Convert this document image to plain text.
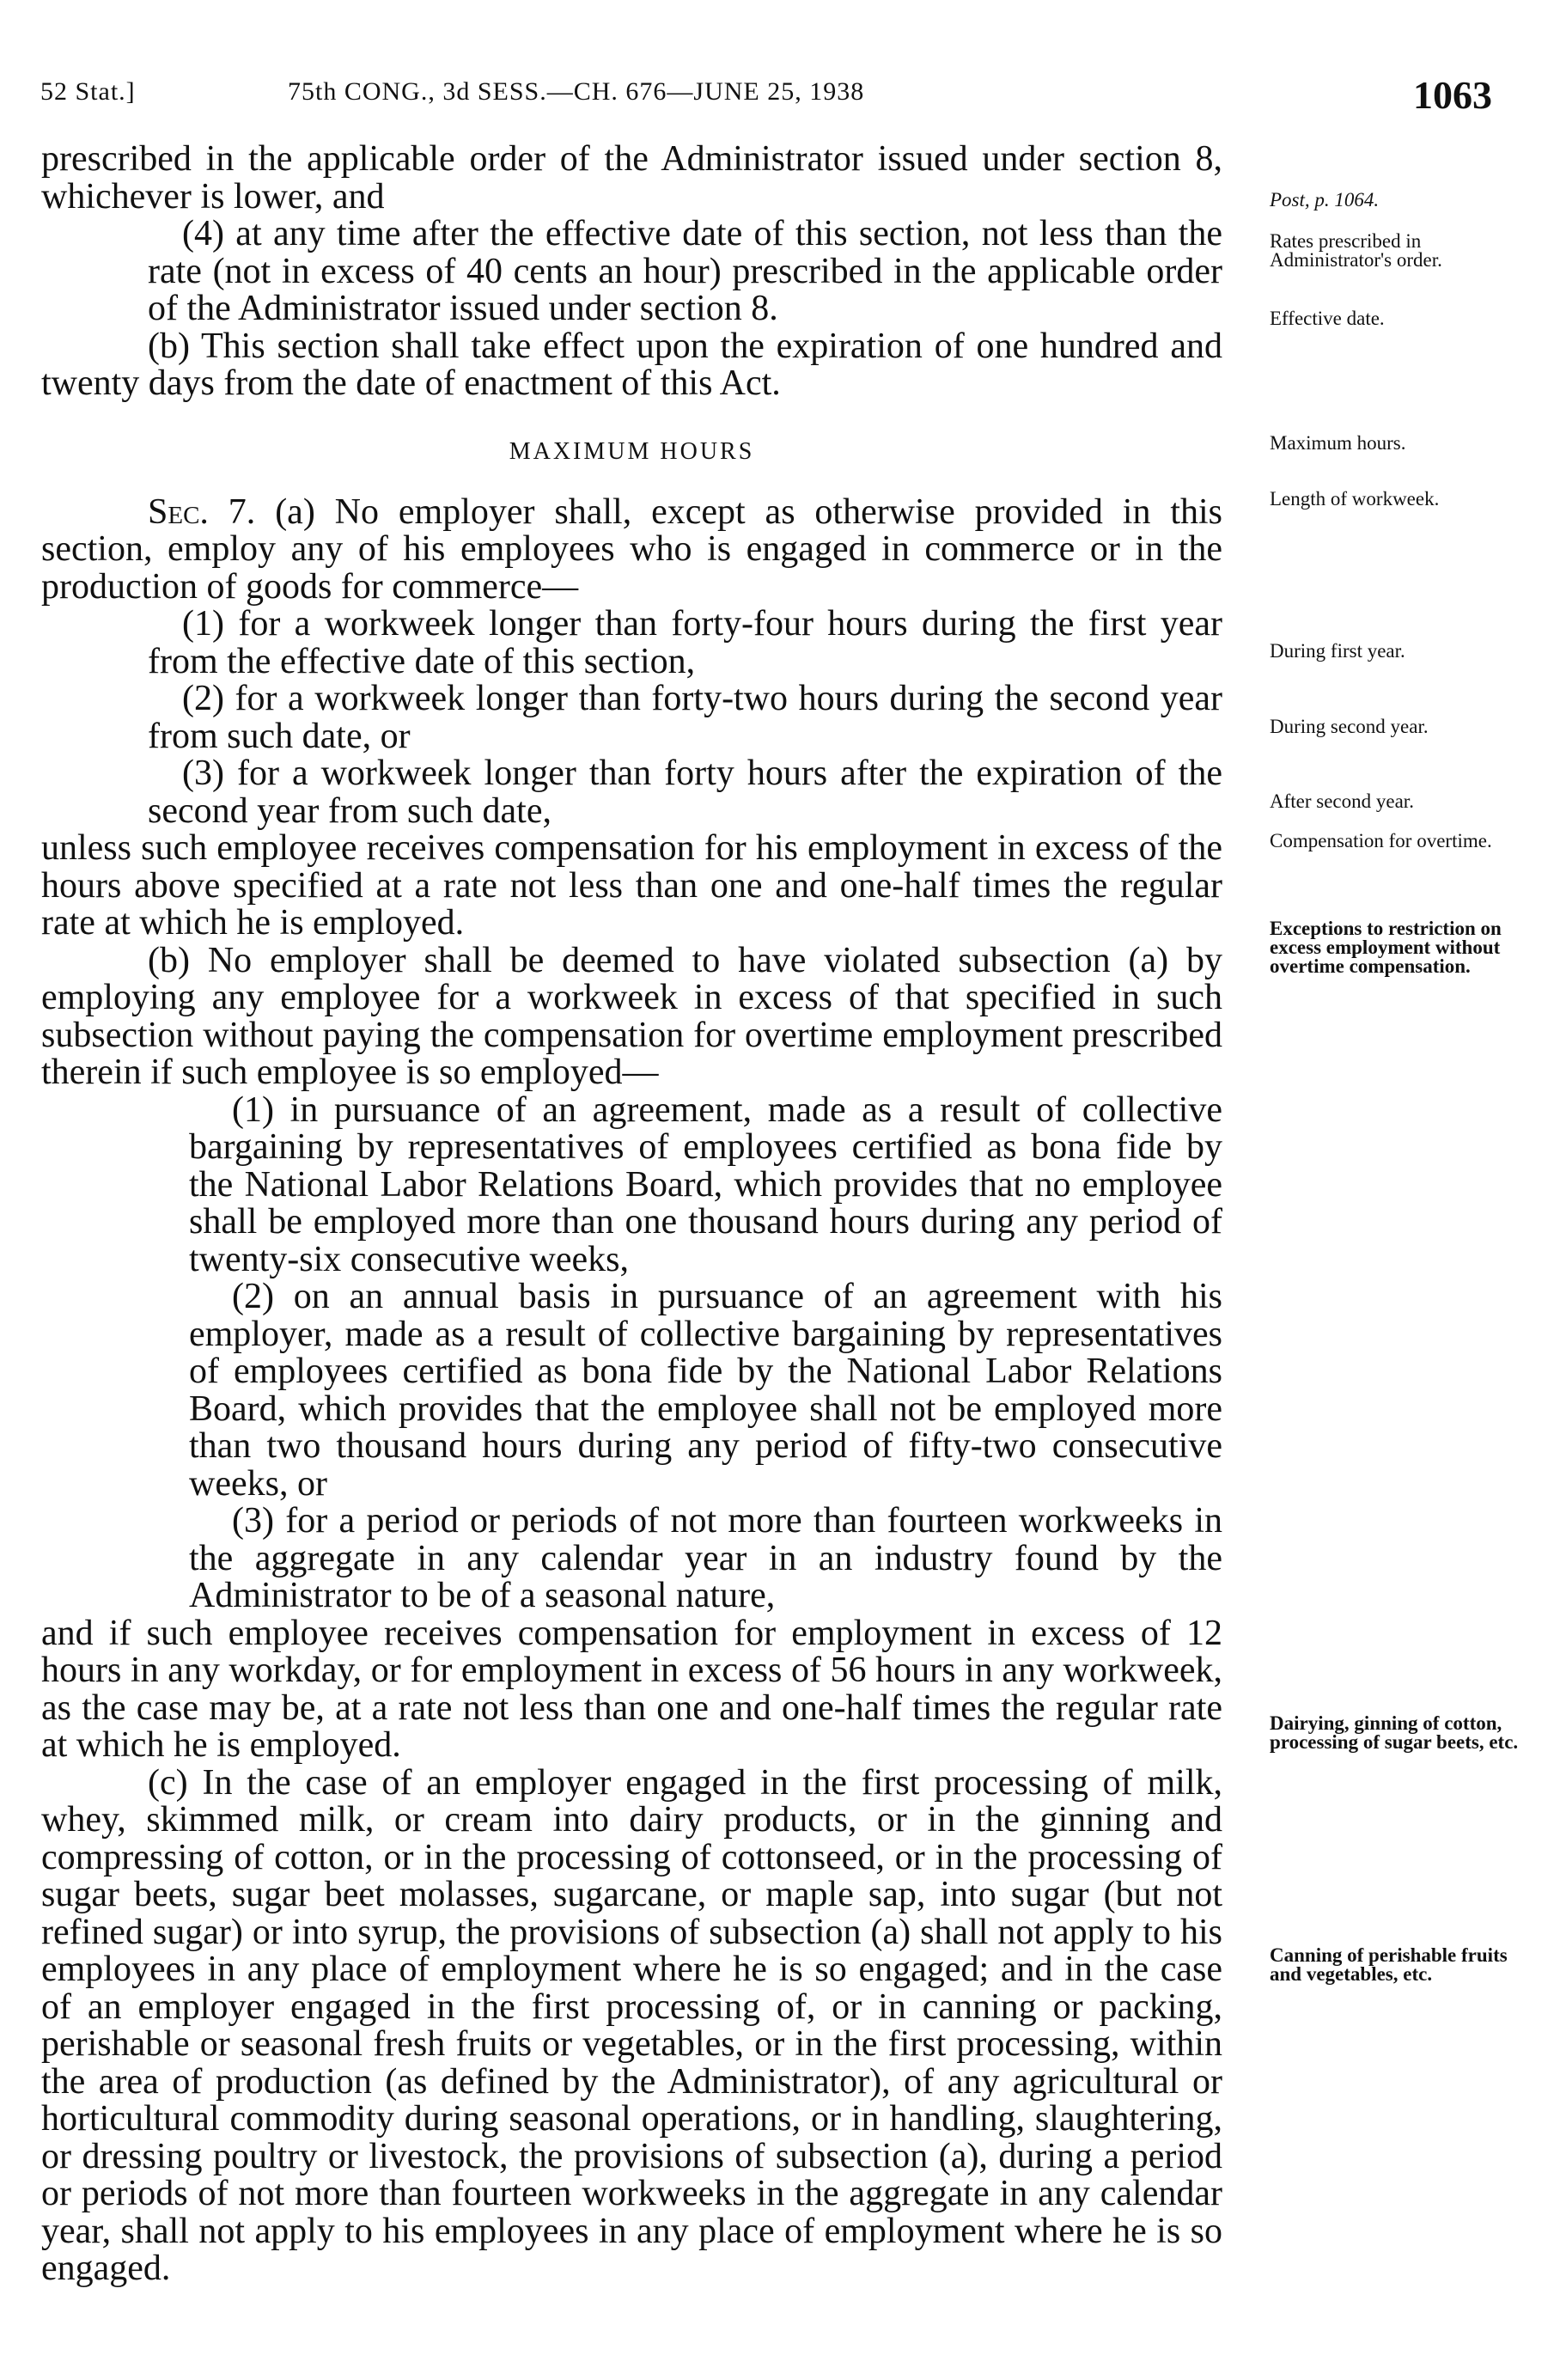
52 Stat.]	75th CONG., 3d SESS.—CH. 676—JUNE 25, 1938	1063

prescribed in the applicable order of the Administrator issued under section 8, whichever is lower, and

(4) at any time after the effective date of this section, not less than the rate (not in excess of 40 cents an hour) prescribed in the applicable order of the Administrator issued under section 8.

(b) This section shall take effect upon the expiration of one hundred and twenty days from the date of enactment of this Act.

MAXIMUM HOURS

Sec. 7. (a) No employer shall, except as otherwise provided in this section, employ any of his employees who is engaged in commerce or in the production of goods for commerce—

(1) for a workweek longer than forty-four hours during the first year from the effective date of this section,

(2) for a workweek longer than forty-two hours during the second year from such date, or

(3) for a workweek longer than forty hours after the expiration of the second year from such date,

unless such employee receives compensation for his employment in excess of the hours above specified at a rate not less than one and one-half times the regular rate at which he is employed.

(b) No employer shall be deemed to have violated subsection (a) by employing any employee for a workweek in excess of that specified in such subsection without paying the compensation for overtime employment prescribed therein if such employee is so employed—

(1) in pursuance of an agreement, made as a result of collective bargaining by representatives of employees certified as bona fide by the National Labor Relations Board, which provides that no employee shall be employed more than one thousand hours during any period of twenty-six consecutive weeks,

(2) on an annual basis in pursuance of an agreement with his employer, made as a result of collective bargaining by representatives of employees certified as bona fide by the National Labor Relations Board, which provides that the employee shall not be employed more than two thousand hours during any period of fifty-two consecutive weeks, or

(3) for a period or periods of not more than fourteen workweeks in the aggregate in any calendar year in an industry found by the Administrator to be of a seasonal nature,

and if such employee receives compensation for employment in excess of 12 hours in any workday, or for employment in excess of 56 hours in any workweek, as the case may be, at a rate not less than one and one-half times the regular rate at which he is employed.

(c) In the case of an employer engaged in the first processing of milk, whey, skimmed milk, or cream into dairy products, or in the ginning and compressing of cotton, or in the processing of cottonseed, or in the processing of sugar beets, sugar beet molasses, sugarcane, or maple sap, into sugar (but not refined sugar) or into syrup, the provisions of subsection (a) shall not apply to his employees in any place of employment where he is so engaged; and in the case of an employer engaged in the first processing of, or in canning or packing, perishable or seasonal fresh fruits or vegetables, or in the first processing, within the area of production (as defined by the Administrator), of any agricultural or horticultural commodity during seasonal operations, or in handling, slaughtering, or dressing poultry or livestock, the provisions of subsection (a), during a period or periods of not more than fourteen workweeks in the aggregate in any calendar year, shall not apply to his employees in any place of employment where he is so engaged.

Post, p. 1064.
Rates prescribed in Administrator's order.
Effective date.
Maximum hours.
Length of workweek.
During first year.
During second year.
After second year.
Compensation for overtime.
Exceptions to restriction on excess employment without overtime compensation.
Dairying, ginning of cotton, processing of sugar beets, etc.
Canning of perishable fruits and vegetables, etc.
